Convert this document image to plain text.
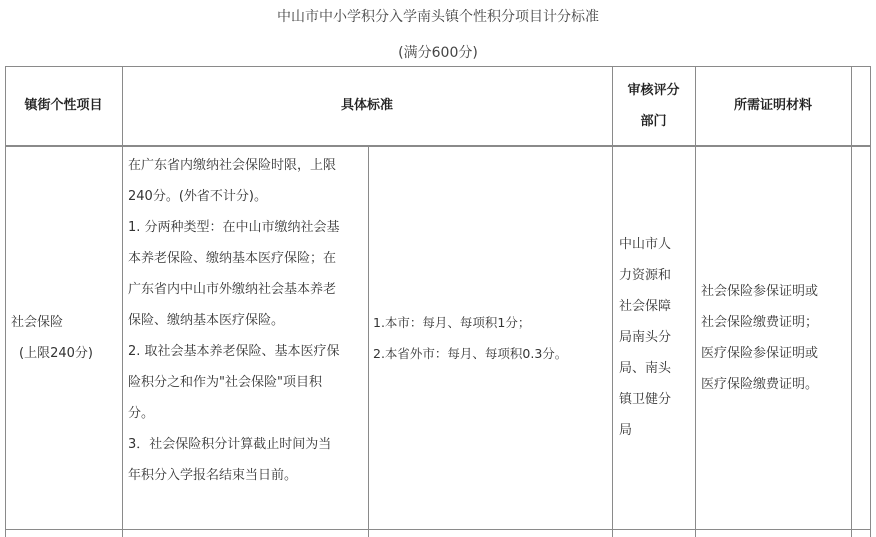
中山市中小学积分入学南头镇个性积分项目计分标准
(满分600分)
镇街个性项目	具体标准
审核评分
部门
所需证明材料
社会保险
(上限240分)
在广东省内缴纳社会保险时限，上限
240分。(外省不计分)。
1. 分两种类型：在中山市缴纳社会基
本养老保险、缴纳基本医疗保险；在
广东省内中山市外缴纳社会基本养老
保险、缴纳基本医疗保险。
2. 取社会基本养老保险、基本医疗保
险积分之和作为"社会保险"项目积
分。
3．社会保险积分计算截止时间为当
年积分入学报名结束当日前。
1.本市：每月、每项积1分；
2.本省外市：每月、每项积0.3分。
中山市人
力资源和
社会保障
局南头分
局、南头
镇卫健分
局
社会保险参保证明或
社会保险缴费证明；
医疗保险参保证明或
医疗保险缴费证明。
